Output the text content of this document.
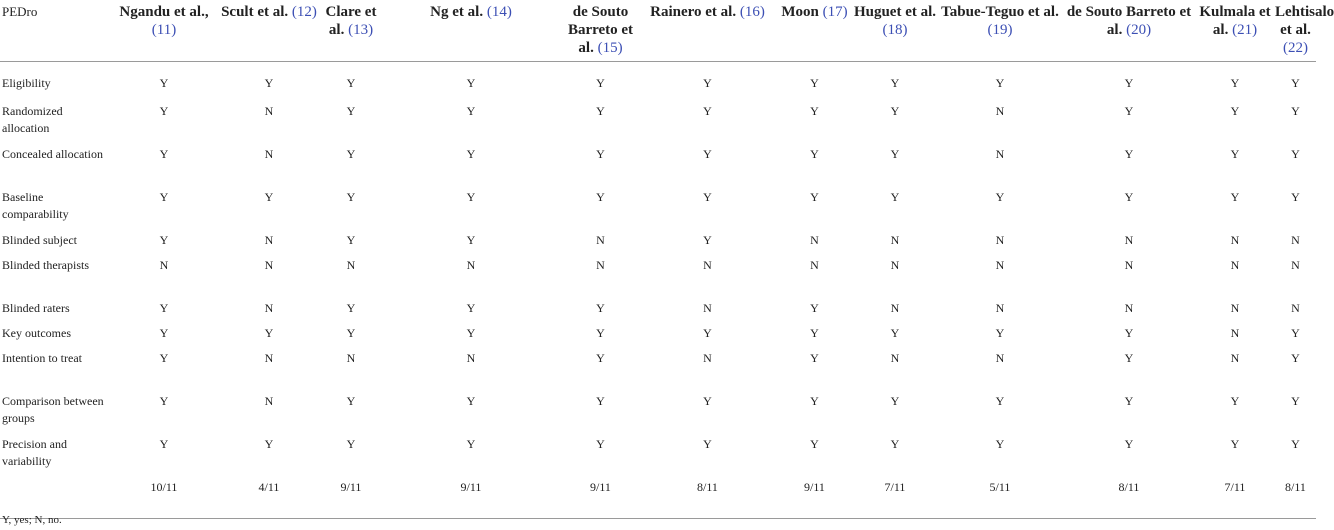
PEDro	Ngandu et al., (11)	Scult et al. (12)	Clare et al. (13)	Ng et al. (14)	de Souto Barreto et al. (15)	Rainero et al. (16)	Moon (17)	Huguet et al. (18)	Tabue-Teguo et al. (19)	de Souto Barreto et al. (20)	Kulmala et al. (21)	Lehtisalo et al. (22)
Eligibility	Y	Y	Y	Y	Y	Y	Y	Y	Y	Y	Y	Y
Randomized allocation	Y	N	Y	Y	Y	Y	Y	Y	N	Y	Y	Y
Concealed allocation	Y	N	Y	Y	Y	Y	Y	Y	N	Y	Y	Y
Baseline comparability	Y	Y	Y	Y	Y	Y	Y	Y	Y	Y	Y	Y
Blinded subject	Y	N	Y	Y	N	Y	N	N	N	N	N	N
Blinded therapists	N	N	N	N	N	N	N	N	N	N	N	N
Blinded raters	Y	N	Y	Y	Y	N	Y	N	N	N	N	N
Key outcomes	Y	Y	Y	Y	Y	Y	Y	Y	Y	Y	N	Y
Intention to treat	Y	N	N	N	Y	N	Y	N	N	Y	N	Y
Comparison between groups	Y	N	Y	Y	Y	Y	Y	Y	Y	Y	Y	Y
Precision and variability	Y	Y	Y	Y	Y	Y	Y	Y	Y	Y	Y	Y
	10/11	4/11	9/11	9/11	9/11	8/11	9/11	7/11	5/11	8/11	7/11	8/11
Y, yes; N, no.
